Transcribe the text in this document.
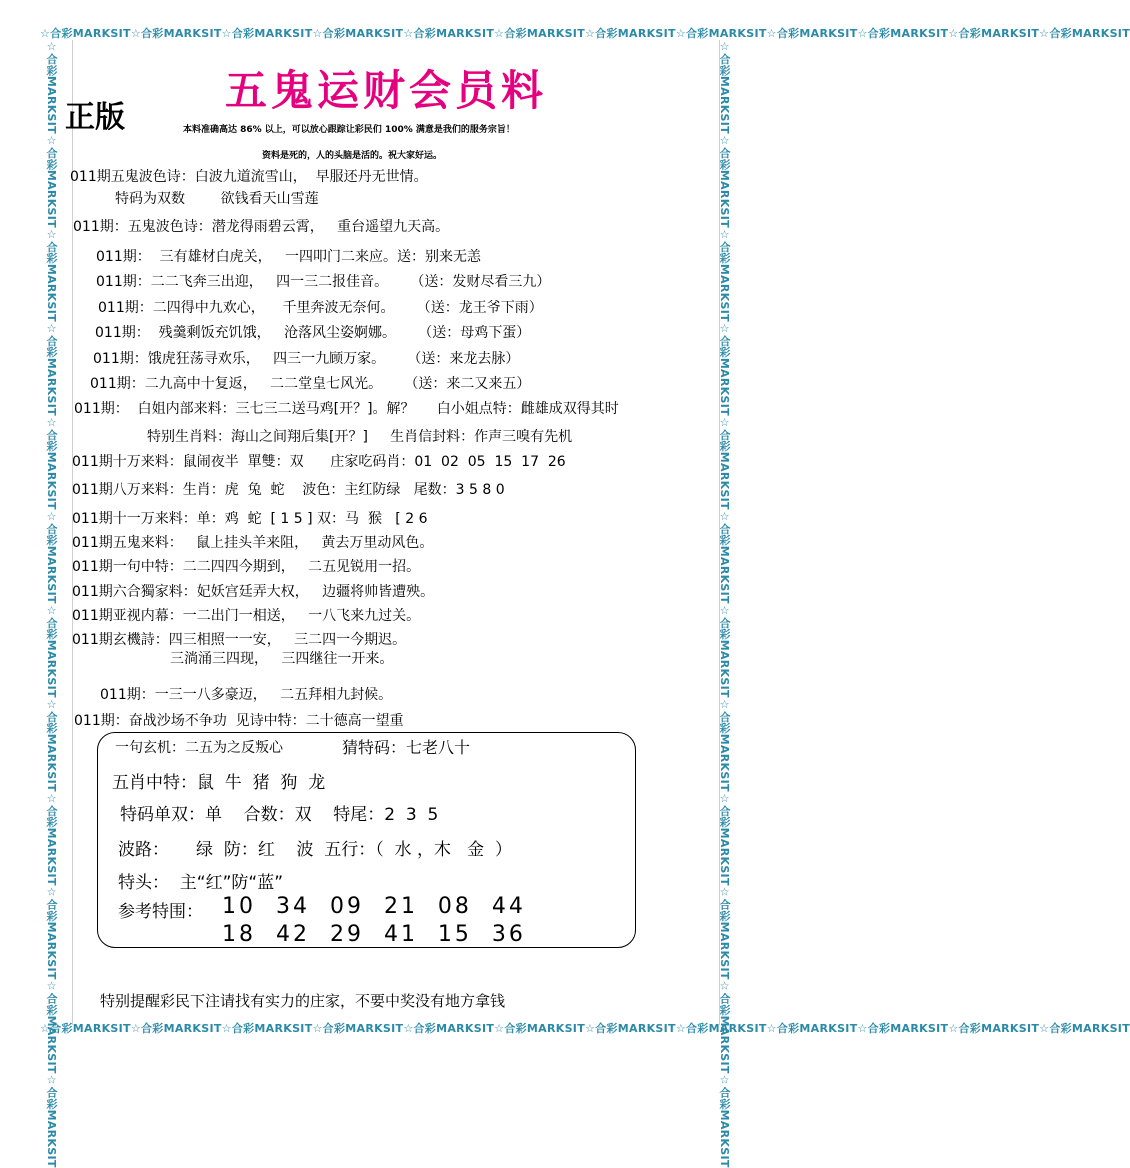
☆合彩MARKSIT☆合彩MARKSIT☆合彩MARKSIT☆合彩MARKSIT☆合彩MARKSIT☆合彩MARKSIT☆合彩MARKSIT☆合彩MARKSIT☆合彩MARKSIT☆合彩MARKSIT☆合彩MARKSIT☆合彩MARKSIT
☆合彩MARKSIT☆合彩MARKSIT☆合彩MARKSIT☆合彩MARKSIT☆合彩MARKSIT☆合彩MARKSIT☆合彩MARKSIT☆合彩MARKSIT☆合彩MARKSIT☆合彩MARKSIT☆合彩MARKSIT☆合彩MARKSIT
☆合彩MARKSIT☆合彩MARKSIT☆合彩MARKSIT☆合彩MARKSIT☆合彩MARKSIT☆合彩MARKSIT☆合彩MARKSIT☆合彩MARKSIT☆合彩MARKSIT☆合彩MARKSIT☆合彩MARKSIT☆合彩MARKSIT	☆合彩MARKSIT☆合彩MARKSIT☆合彩MARKSIT☆合彩MARKSIT☆合彩MARKSIT☆合彩MARKSIT☆合彩MARKSIT☆合彩MARKSIT☆合彩MARKSIT☆合彩MARKSIT☆合彩MARKSIT☆合彩MARKSIT
五鬼运财会员料
正版	本料准确高达 86% 以上，可以放心跟踪让彩民们 100% 满意是我们的服务宗旨！
资料是死的，人的头脑是活的。祝大家好运。
011期五鬼波色诗：白波九道流雪山，  早服还丹无世情。
特码为双数        欲钱看天山雪莲
011期：五鬼波色诗：潜龙得雨碧云霄，   重台遥望九天高。
011期：  三有雄材白虎关，   一四叩门二来应。送：别来无恙
011期：二二飞奔三出迎，   四一三二报佳音。     （送：发财尽看三九）
011期：二四得中九欢心，    千里奔波无奈何。     （送：龙王爷下雨）
011期：  残羹剩饭充饥饿，   沧落风尘姿婀娜。     （送：母鸡下蛋）
011期：饿虎狂荡寻欢乐，   四三一九顾万家。     （送：来龙去脉）
011期：二九高中十复返，   二二堂皇七风光。     （送：来二又来五）
011期：  白姐内部来料：三七三二送马鸡[开？]。解？     白小姐点特：雌雄成双得其时
特别生肖料：海山之间翔后集[开？]     生肖信封料：作声三嗅有先机
011期十万来料：鼠闹夜半  單雙：双      庄家吃码肖：01  02  05  15  17  26
011期八万来料：生肖：虎  兔  蛇    波色：主红防绿   尾数：3 5 8 0
011期十一万来料：单：鸡  蛇  [ 1 5 ] 双：马  猴   [ 2 6
011期五鬼来料：   鼠上挂头羊来阻，   黄去万里动风色。
011期一句中特：二二四四今期到，   二五见锐用一招。
011期六合獨家料：妃妖宫廷弄大权，   边疆将帅皆遭殃。
011期亚视内幕：一二出门一相送，   一八飞来九过关。
011期玄機詩：四三相照一一安，   三二四一今期迟。
三淌涌三四现，   三四继往一开来。
011期：一三一八多豪迈，   二五拜相九封候。
011期：奋战沙场不争功  见诗中特：二十德高一望重
一句玄机：二五为之反叛心	猜特码：七老八十
五肖中特：鼠  牛  猪  狗  龙
特码单双：单    合数：双    特尾：2  3  5
波路：     绿  防：红    波  五行：（  水 ，木   金  ）
特头：  主“红”防“蓝”
参考特围： 10  34  09  21  08  44
18  42  29  41  15  36
特别提醒彩民下注请找有实力的庄家，不要中奖没有地方拿钱
